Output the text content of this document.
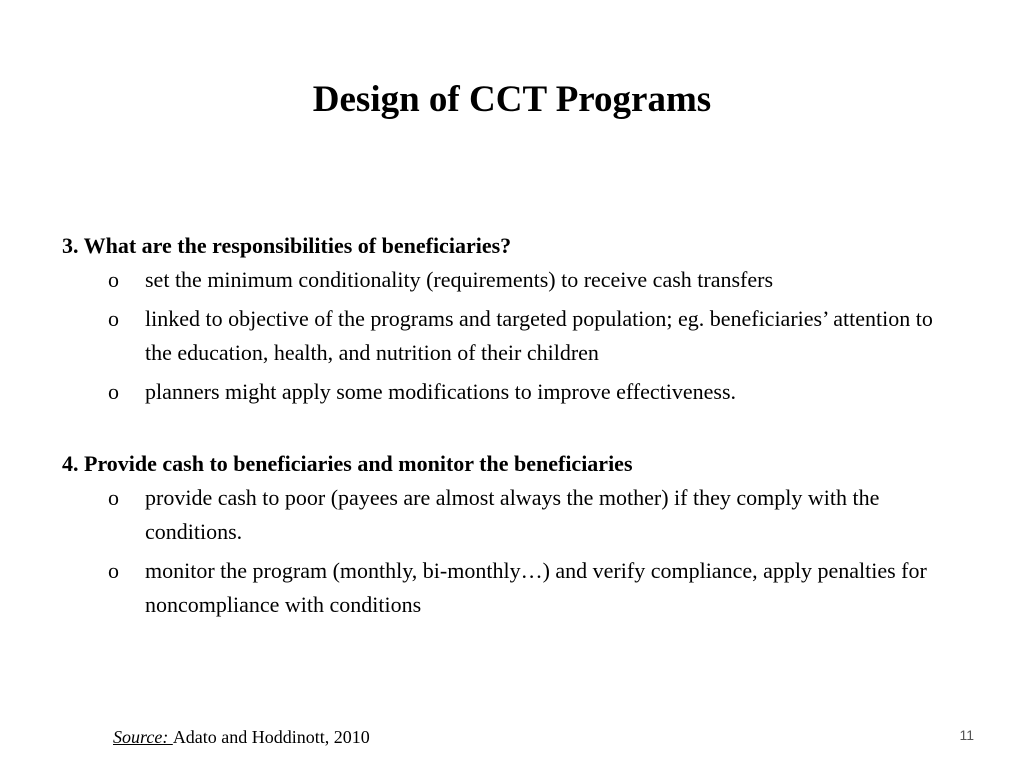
Design of CCT Programs

3. What are the responsibilities of beneficiaries?

o set the minimum conditionality (requirements) to receive cash transfers
o linked to objective of the programs and targeted population; eg. beneficiaries’ attention to the education, health, and nutrition of their children
o planners might apply some modifications to improve effectiveness.

4. Provide cash to beneficiaries and monitor the beneficiaries

o provide cash to poor (payees are almost always the mother) if they comply with the conditions.
o monitor the program (monthly, bi-monthly…) and verify compliance, apply penalties for noncompliance with conditions
Source: Adato and Hoddinott, 2010	11
